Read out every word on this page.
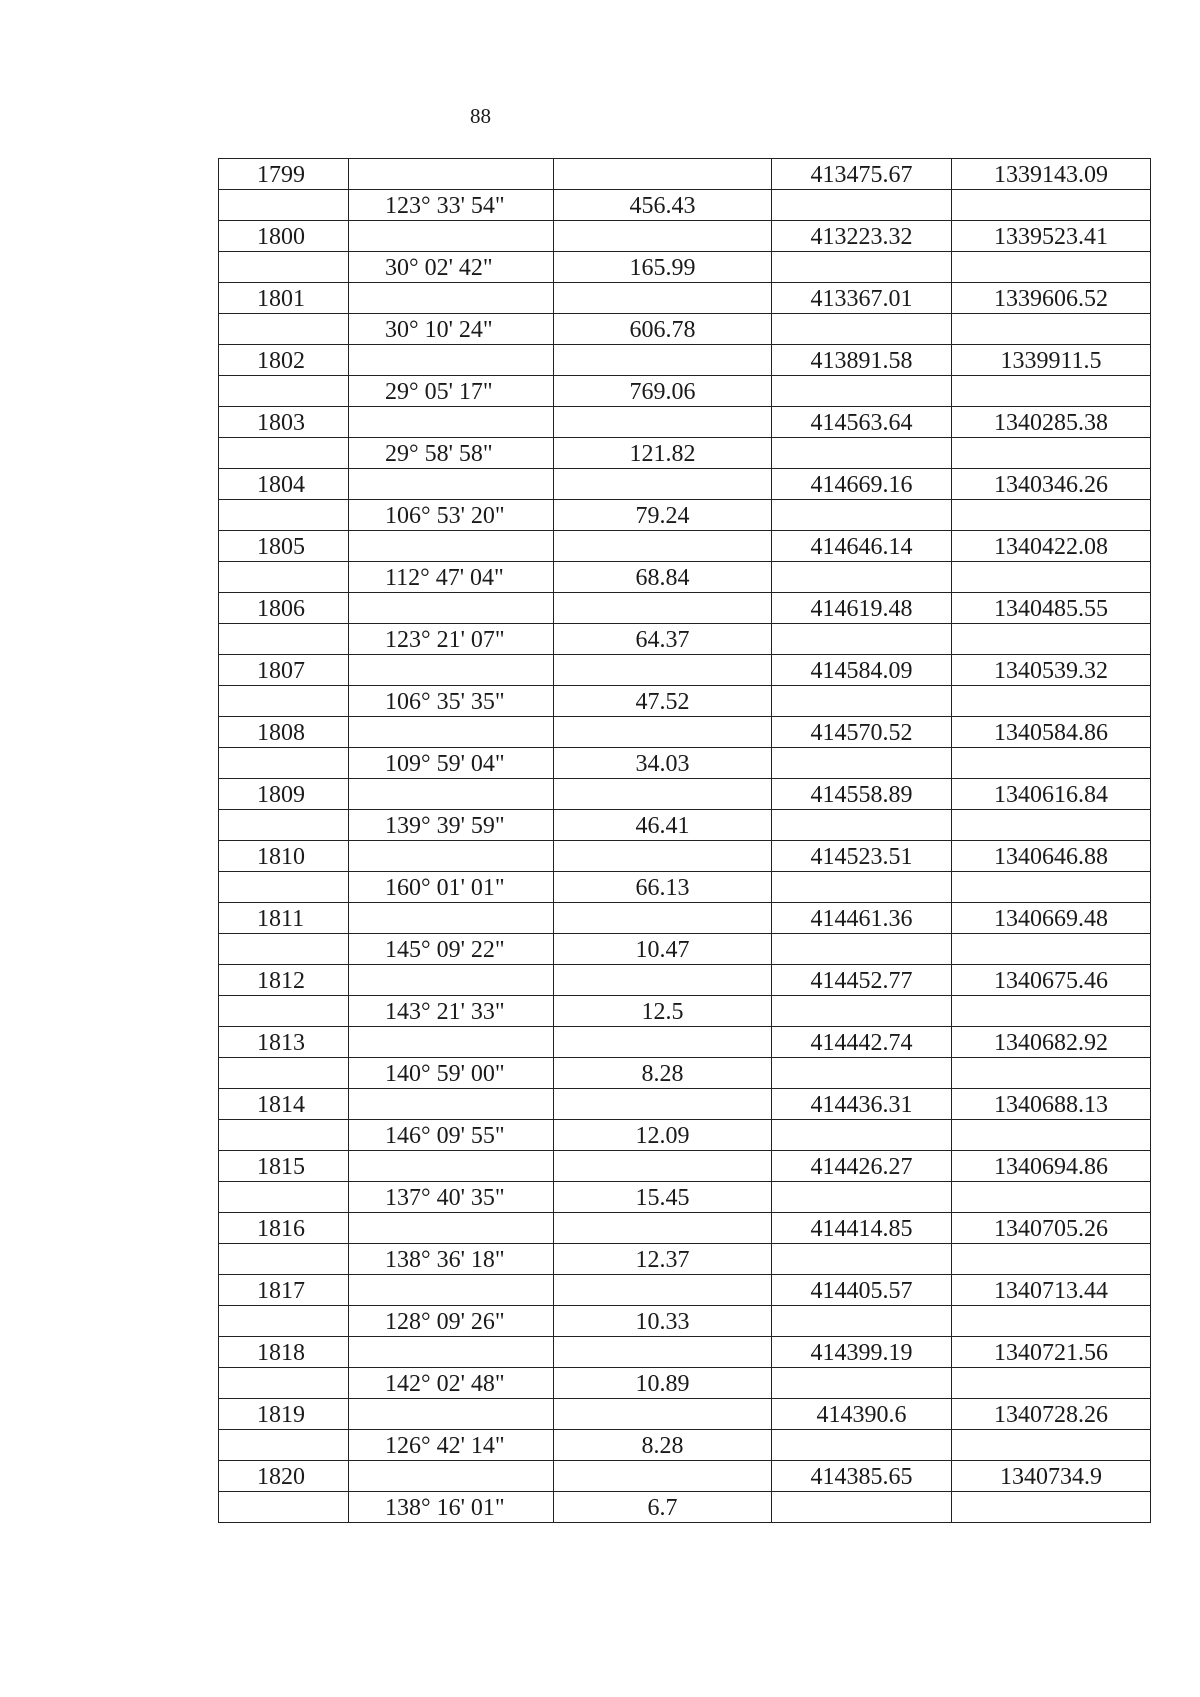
88
1799			413475.67	1339143.09
	123° 33' 54"	456.43		
1800			413223.32	1339523.41
	30° 02' 42"	165.99		
1801			413367.01	1339606.52
	30° 10' 24"	606.78		
1802			413891.58	1339911.5
	29° 05' 17"	769.06		
1803			414563.64	1340285.38
	29° 58' 58"	121.82		
1804			414669.16	1340346.26
	106° 53' 20"	79.24		
1805			414646.14	1340422.08
	112° 47' 04"	68.84		
1806			414619.48	1340485.55
	123° 21' 07"	64.37		
1807			414584.09	1340539.32
	106° 35' 35"	47.52		
1808			414570.52	1340584.86
	109° 59' 04"	34.03		
1809			414558.89	1340616.84
	139° 39' 59"	46.41		
1810			414523.51	1340646.88
	160° 01' 01"	66.13		
1811			414461.36	1340669.48
	145° 09' 22"	10.47		
1812			414452.77	1340675.46
	143° 21' 33"	12.5		
1813			414442.74	1340682.92
	140° 59' 00"	8.28		
1814			414436.31	1340688.13
	146° 09' 55"	12.09		
1815			414426.27	1340694.86
	137° 40' 35"	15.45		
1816			414414.85	1340705.26
	138° 36' 18"	12.37		
1817			414405.57	1340713.44
	128° 09' 26"	10.33		
1818			414399.19	1340721.56
	142° 02' 48"	10.89		
1819			414390.6	1340728.26
	126° 42' 14"	8.28		
1820			414385.65	1340734.9
	138° 16' 01"	6.7		
